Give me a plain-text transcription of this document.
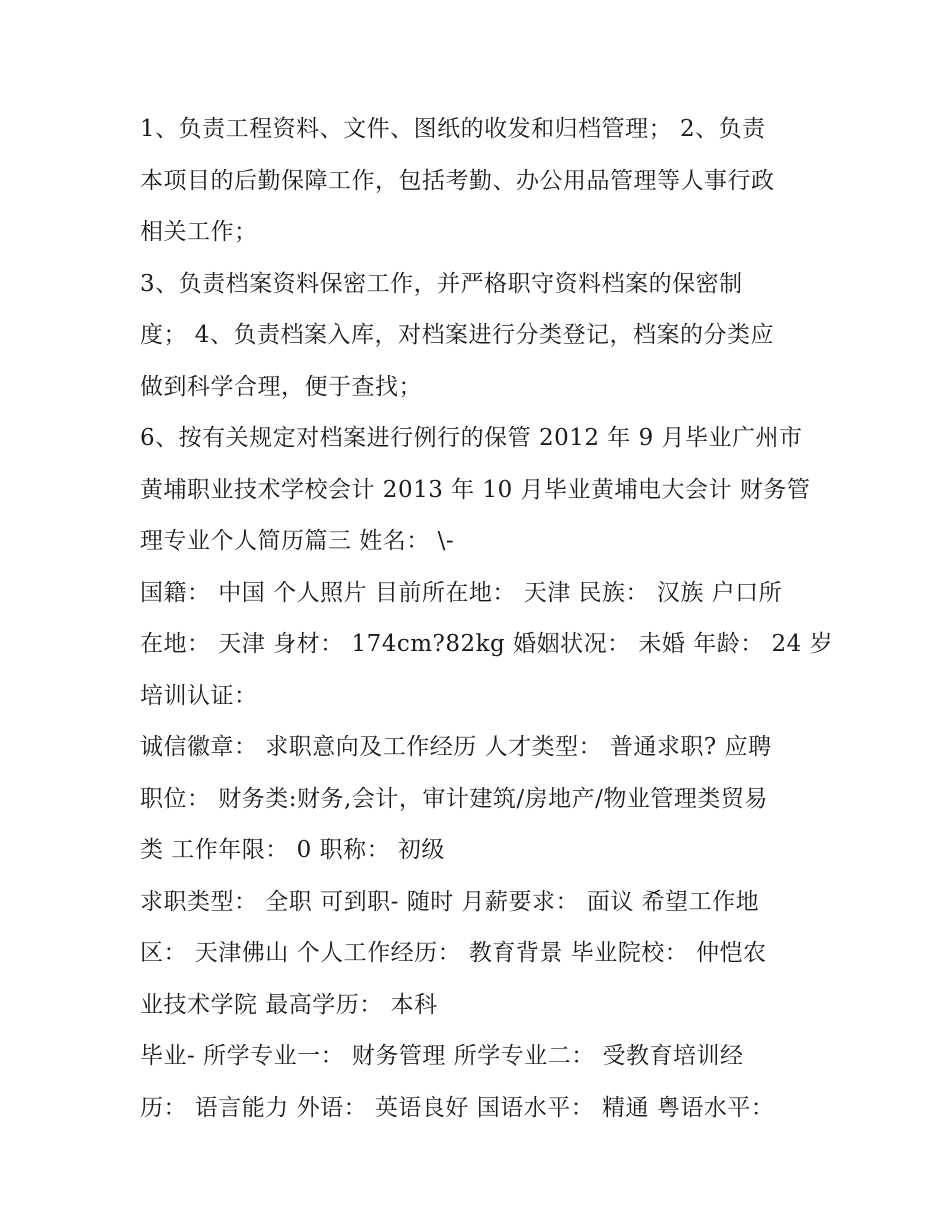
1、负责工程资料、文件、图纸的收发和归档管理； 2、负责
本项目的后勤保障工作，包括考勤、办公用品管理等人事行政
相关工作；
3、负责档案资料保密工作，并严格职守资料档案的保密制
度； 4、负责档案入库，对档案进行分类登记，档案的分类应
做到科学合理，便于查找；
6、按有关规定对档案进行例行的保管 2012 年 9 月毕业广州市
黄埔职业技术学校会计 2013 年 10 月毕业黄埔电大会计 财务管
理专业个人简历篇三 姓名： \-
国籍： 中国 个人照片 目前所在地： 天津 民族： 汉族 户口所
在地： 天津 身材： 174cm?82kg 婚姻状况： 未婚 年龄： 24 岁
培训认证：
诚信徽章： 求职意向及工作经历 人才类型： 普通求职? 应聘
职位： 财务类:财务,会计，审计建筑/房地产/物业管理类贸易
类 工作年限： 0 职称： 初级
求职类型： 全职 可到职- 随时 月薪要求： 面议 希望工作地
区： 天津佛山 个人工作经历： 教育背景 毕业院校： 仲恺农
业技术学院 最高学历： 本科
毕业- 所学专业一： 财务管理 所学专业二： 受教育培训经
历： 语言能力 外语： 英语良好 国语水平： 精通 粤语水平：
